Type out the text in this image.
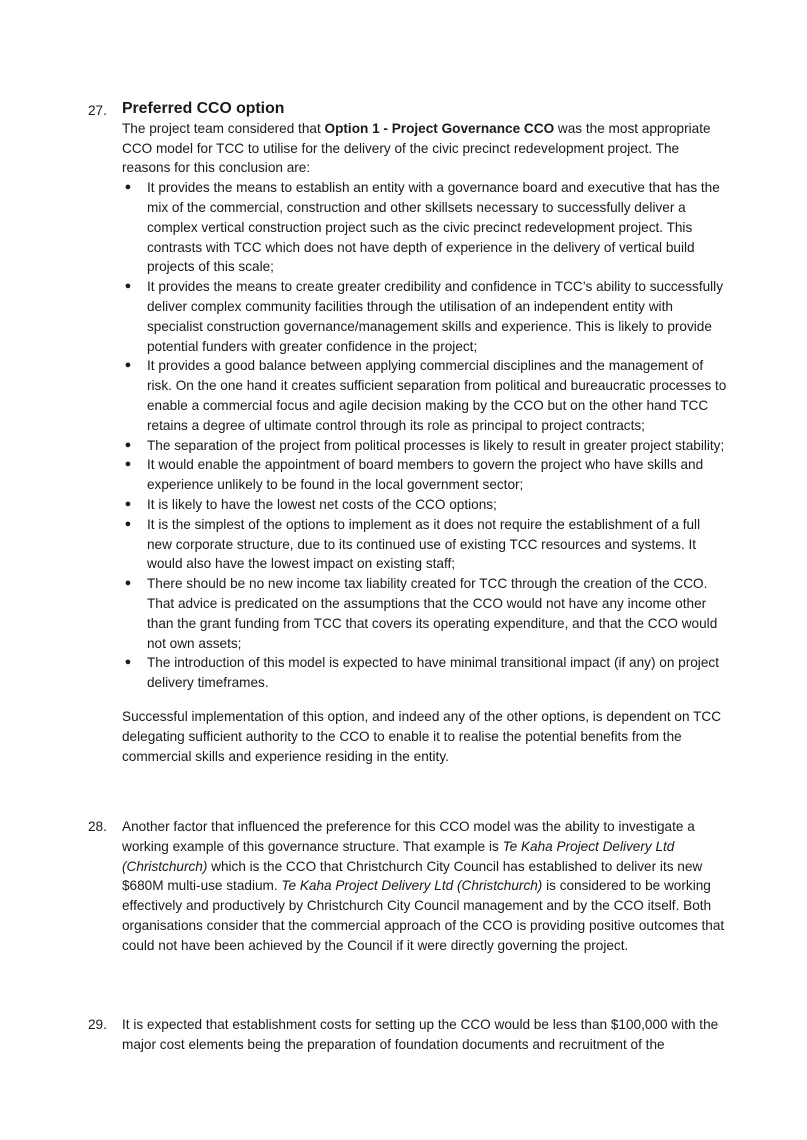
27. Preferred CCO option
The project team considered that Option 1 - Project Governance CCO was the most appropriate CCO model for TCC to utilise for the delivery of the civic precinct redevelopment project. The reasons for this conclusion are:
● It provides the means to establish an entity with a governance board and executive that has the mix of the commercial, construction and other skillsets necessary to successfully deliver a complex vertical construction project such as the civic precinct redevelopment project. This contrasts with TCC which does not have depth of experience in the delivery of vertical build projects of this scale;
● It provides the means to create greater credibility and confidence in TCC’s ability to successfully deliver complex community facilities through the utilisation of an independent entity with specialist construction governance/management skills and experience. This is likely to provide potential funders with greater confidence in the project;
● It provides a good balance between applying commercial disciplines and the management of risk. On the one hand it creates sufficient separation from political and bureaucratic processes to enable a commercial focus and agile decision making by the CCO but on the other hand TCC retains a degree of ultimate control through its role as principal to project contracts;
● The separation of the project from political processes is likely to result in greater project stability;
● It would enable the appointment of board members to govern the project who have skills and experience unlikely to be found in the local government sector;
● It is likely to have the lowest net costs of the CCO options;
● It is the simplest of the options to implement as it does not require the establishment of a full new corporate structure, due to its continued use of existing TCC resources and systems. It would also have the lowest impact on existing staff;
● There should be no new income tax liability created for TCC through the creation of the CCO. That advice is predicated on the assumptions that the CCO would not have any income other than the grant funding from TCC that covers its operating expenditure, and that the CCO would not own assets;
● The introduction of this model is expected to have minimal transitional impact (if any) on project delivery timeframes.
Successful implementation of this option, and indeed any of the other options, is dependent on TCC delegating sufficient authority to the CCO to enable it to realise the potential benefits from the commercial skills and experience residing in the entity.
28.	Another factor that influenced the preference for this CCO model was the ability to investigate a working example of this governance structure. That example is Te Kaha Project Delivery Ltd (Christchurch) which is the CCO that Christchurch City Council has established to deliver its new $680M multi-use stadium. Te Kaha Project Delivery Ltd (Christchurch) is considered to be working effectively and productively by Christchurch City Council management and by the CCO itself. Both organisations consider that the commercial approach of the CCO is providing positive outcomes that could not have been achieved by the Council if it were directly governing the project.
29.	It is expected that establishment costs for setting up the CCO would be less than $100,000 with the major cost elements being the preparation of foundation documents and recruitment of the
